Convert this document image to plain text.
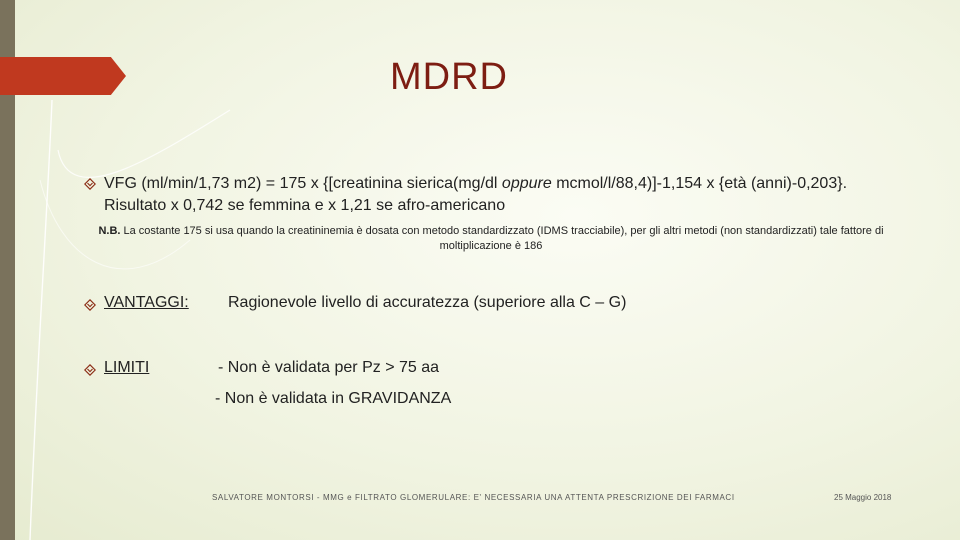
MDRD
VFG (ml/min/1,73 m2) = 175 x {[creatinina sierica(mg/dl oppure mcmol/l/88,4)]-1,154 x {età (anni)-0,203}. Risultato x 0,742 se femmina e x 1,21 se afro-americano
N.B. La costante 175 si usa quando la creatininemia è dosata con metodo standardizzato (IDMS tracciabile), per gli altri metodi (non standardizzati) tale fattore di moltiplicazione è 186
VANTAGGI: Ragionevole livello di accuratezza (superiore alla C – G)
LIMITI	- Non è validata per Pz > 75 aa
- Non è validata in GRAVIDANZA
SALVATORE MONTORSI - MMG e FILTRATO GLOMERULARE: E' NECESSARIA UNA ATTENTA PRESCRIZIONE DEI FARMACI	25 Maggio 2018
